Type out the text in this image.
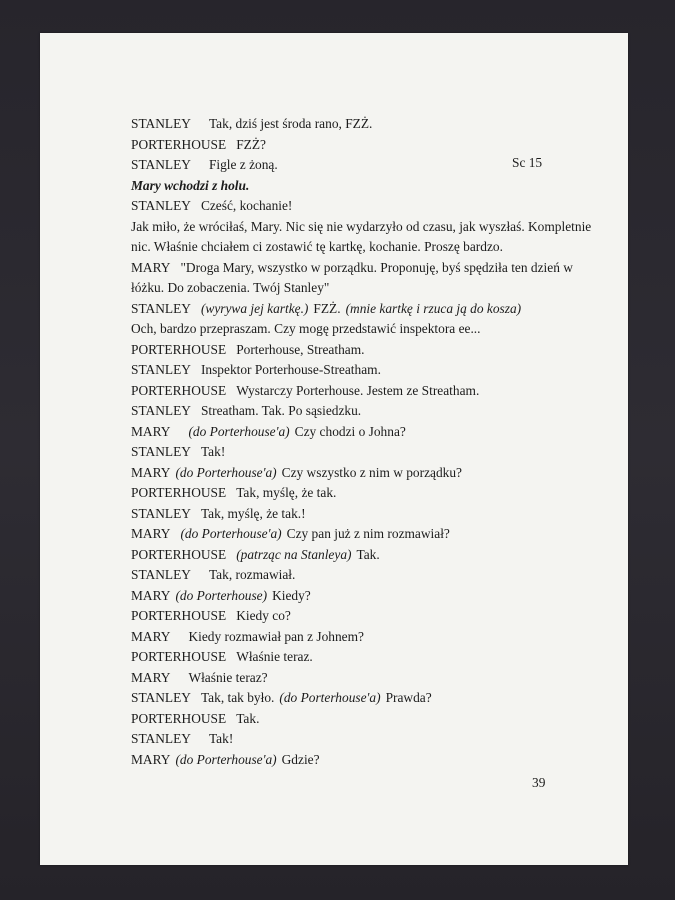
STANLEY Tak, dziś jest środa rano, FZŻ.
PORTERHOUSE FZŻ?
STANLEY Figle z żoną.	Sc 15
Mary wchodzi z holu.
STANLEY Cześć, kochanie!
Jak miło, że wróciłaś, Mary. Nic się nie wydarzyło od czasu, jak wyszłaś. Kompletnie
nic. Właśnie chciałem ci zostawić tę kartkę, kochanie. Proszę bardzo.
MARY "Droga Mary, wszystko w porządku. Proponuję, byś spędziła ten dzień w
łóżku. Do zobaczenia. Twój Stanley"
STANLEY (wyrywa jej kartkę.) FZŻ. (mnie kartkę i rzuca ją do kosza)
Och, bardzo przepraszam. Czy mogę przedstawić inspektora ee...
PORTERHOUSE Porterhouse, Streatham.
STANLEY Inspektor Porterhouse-Streatham.
PORTERHOUSE Wystarczy Porterhouse. Jestem ze Streatham.
STANLEY Streatham. Tak. Po sąsiedzku.
MARY (do Porterhouse'a) Czy chodzi o Johna?
STANLEY Tak!
MARY (do Porterhouse'a) Czy wszystko z nim w porządku?
PORTERHOUSE Tak, myślę, że tak.
STANLEY Tak, myślę, że tak.!
MARY (do Porterhouse'a) Czy pan już z nim rozmawiał?
PORTERHOUSE (patrząc na Stanleya) Tak.
STANLEY Tak, rozmawiał.
MARY (do Porterhouse) Kiedy?
PORTERHOUSE Kiedy co?
MARY Kiedy rozmawiał pan z Johnem?
PORTERHOUSE Właśnie teraz.
MARY Właśnie teraz?
STANLEY Tak, tak było. (do Porterhouse'a) Prawda?
PORTERHOUSE Tak.
STANLEY Tak!
MARY (do Porterhouse'a) Gdzie?
39
